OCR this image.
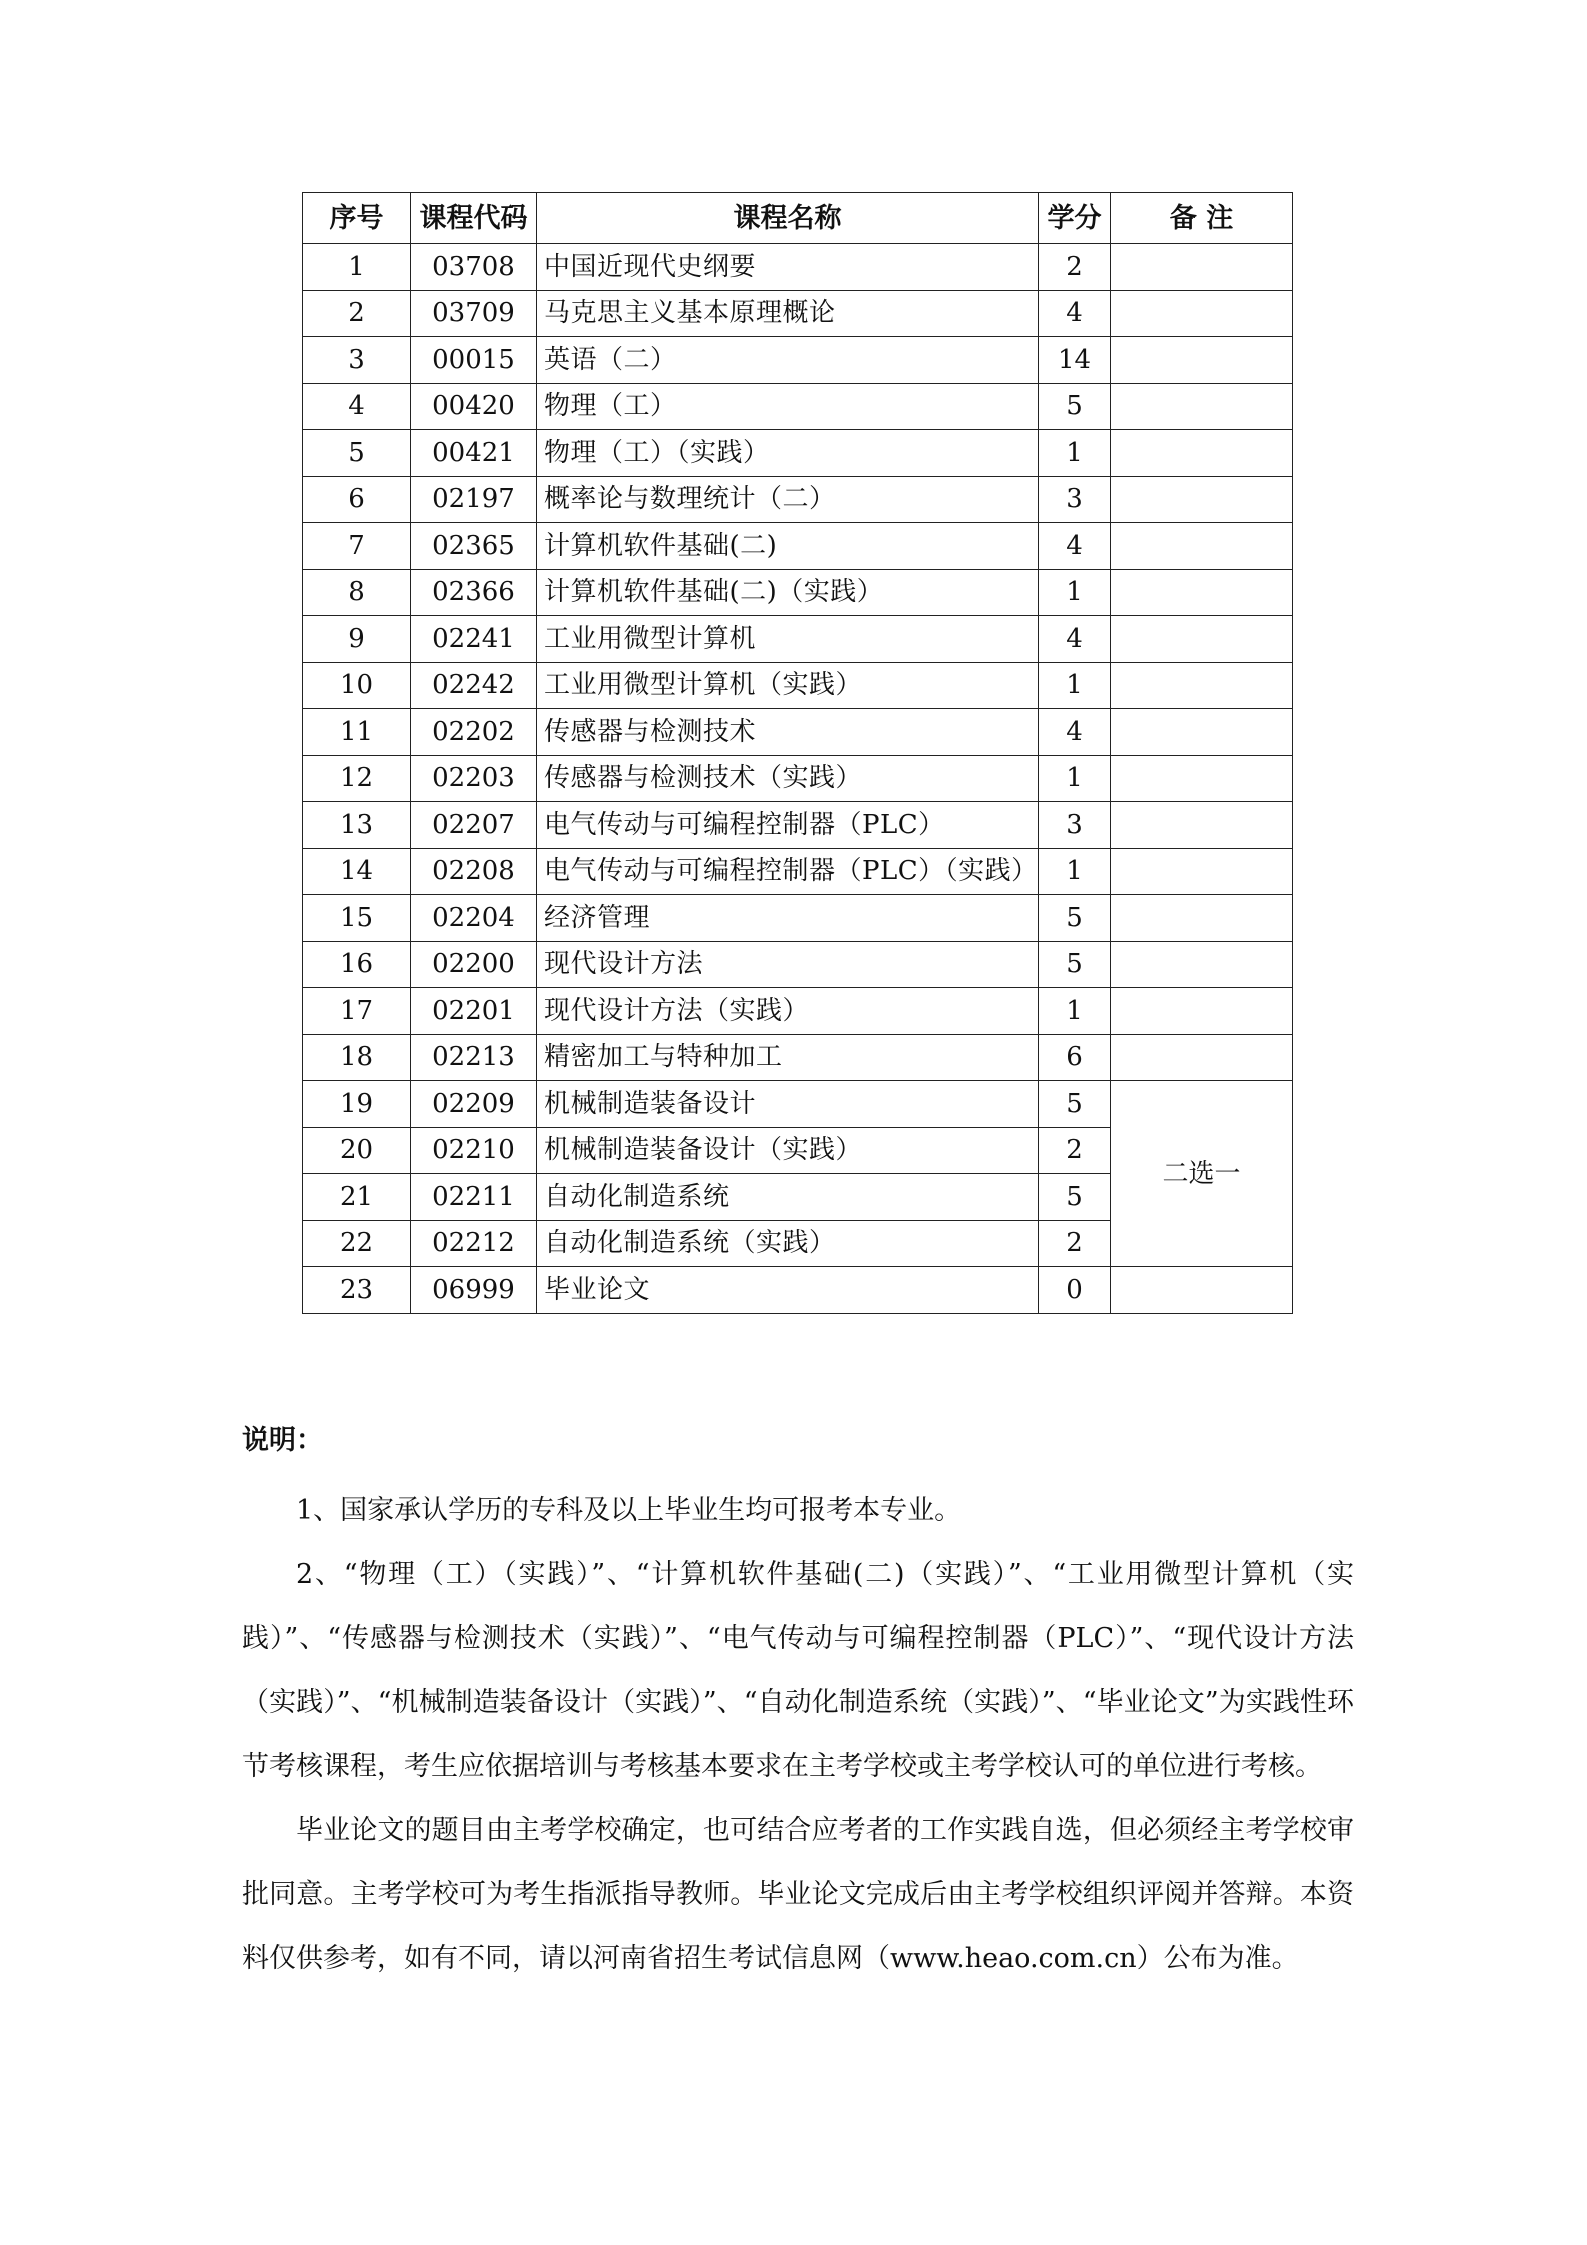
序号	课程代码	课程名称	学分	备 注
1	03708	中国近现代史纲要	2	
2	03709	马克思主义基本原理概论	4	
3	00015	英语（二）	14	
4	00420	物理（工）	5	
5	00421	物理（工）（实践）	1	
6	02197	概率论与数理统计（二）	3	
7	02365	计算机软件基础(二)	4	
8	02366	计算机软件基础(二)（实践）	1	
9	02241	工业用微型计算机	4	
10	02242	工业用微型计算机（实践）	1	
11	02202	传感器与检测技术	4	
12	02203	传感器与检测技术（实践）	1	
13	02207	电气传动与可编程控制器（PLC）	3	
14	02208	电气传动与可编程控制器（PLC）（实践）	1	
15	02204	经济管理	5	
16	02200	现代设计方法	5	
17	02201	现代设计方法（实践）	1	
18	02213	精密加工与特种加工	6	
19	02209	机械制造装备设计	5	二选一
20	02210	机械制造装备设计（实践）	2	
21	02211	自动化制造系统	5	
22	02212	自动化制造系统（实践）	2	
23	06999	毕业论文	0	
说明：

1、国家承认学历的专科及以上毕业生均可报考本专业。

2、“物理（工）（实践）”、“计算机软件基础(二)（实践）”、“工业用微型计算机（实践）”、“传感器与检测技术（实践）”、“电气传动与可编程控制器（PLC）”、“现代设计方法（实践）”、“机械制造装备设计（实践）”、“自动化制造系统（实践）”、“毕业论文”为实践性环节考核课程，考生应依据培训与考核基本要求在主考学校或主考学校认可的单位进行考核。

毕业论文的题目由主考学校确定，也可结合应考者的工作实践自选，但必须经主考学校审批同意。主考学校可为考生指派指导教师。毕业论文完成后由主考学校组织评阅并答辩。本资料仅供参考，如有不同，请以河南省招生考试信息网（www.heao.com.cn）公布为准。
